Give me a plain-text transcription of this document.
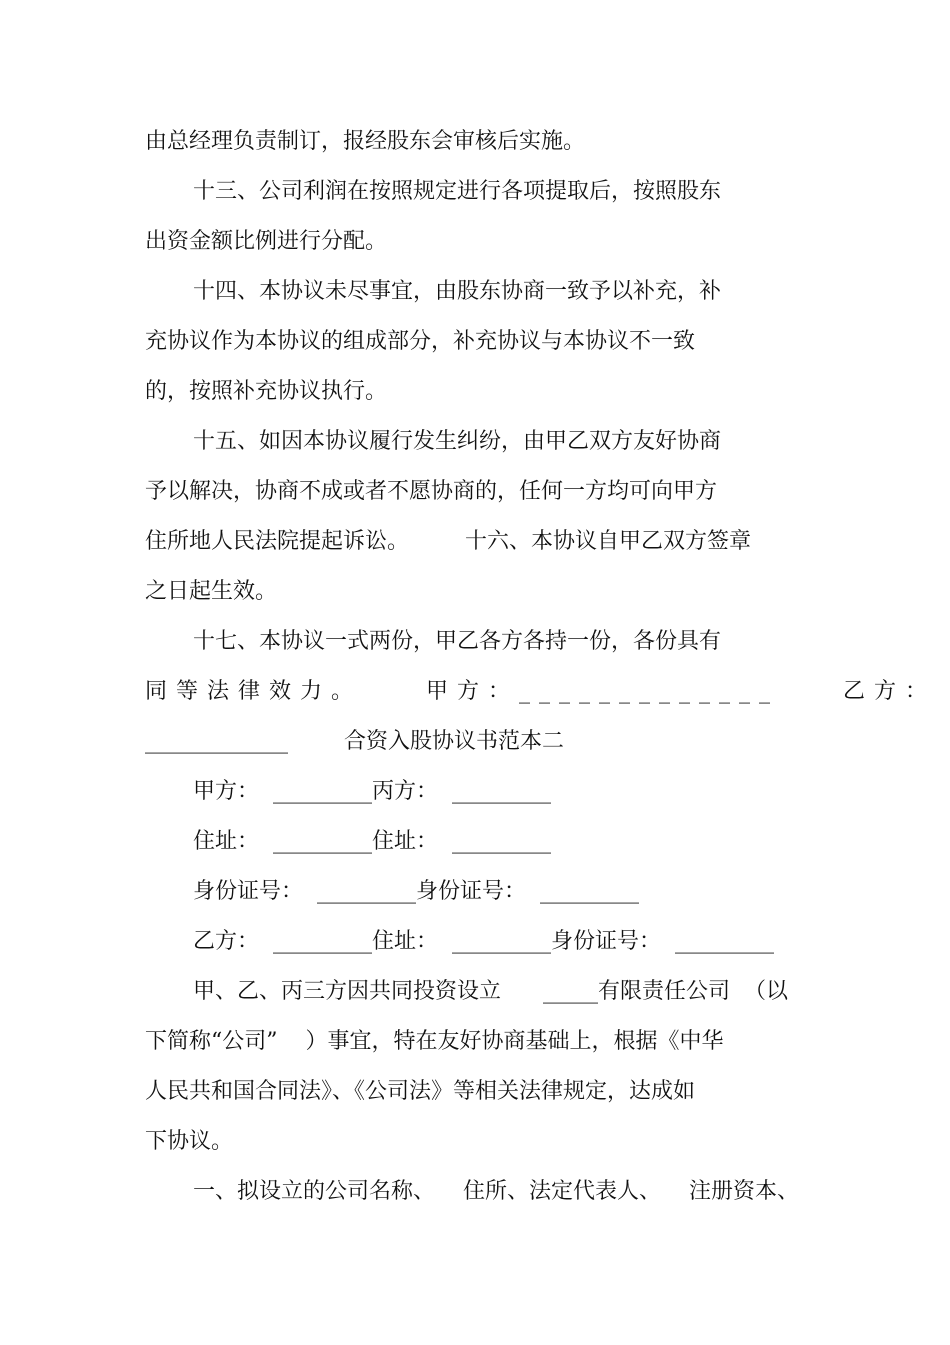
由总经理负责制订，报经股东会审核后实施。
十三、公司利润在按照规定进行各项提取后，按照股东
出资金额比例进行分配。
十四、本协议未尽事宜，由股东协商一致予以补充，补
充协议作为本协议的组成部分，补充协议与本协议不一致
的，按照补充协议执行。
十五、如因本协议履行发生纠纷，由甲乙双方友好协商
予以解决，协商不成或者不愿协商的，任何一方均可向甲方
住所地人民法院提起诉讼。        十六、本协议自甲乙双方签章
之日起生效。
十七、本协议一式两份，甲乙各方各持一份，各份具有
同等法律效力。    甲方：_____________    乙方：
_____________        合资入股协议书范本二
甲方：  _________丙方：  _________
住址：  _________住址：  _________
身份证号：  _________身份证号：  _________
乙方：  _________住址：  _________身份证号：  _________
甲、乙、丙三方因共同投资设立      _____有限责任公司  （以
下简称“公司”    ）事宜，特在友好协商基础上，根据《中华
人民共和国合同法》、《公司法》等相关法律规定，达成如
下协议。
一、拟设立的公司名称、    住所、法定代表人、    注册资本、
